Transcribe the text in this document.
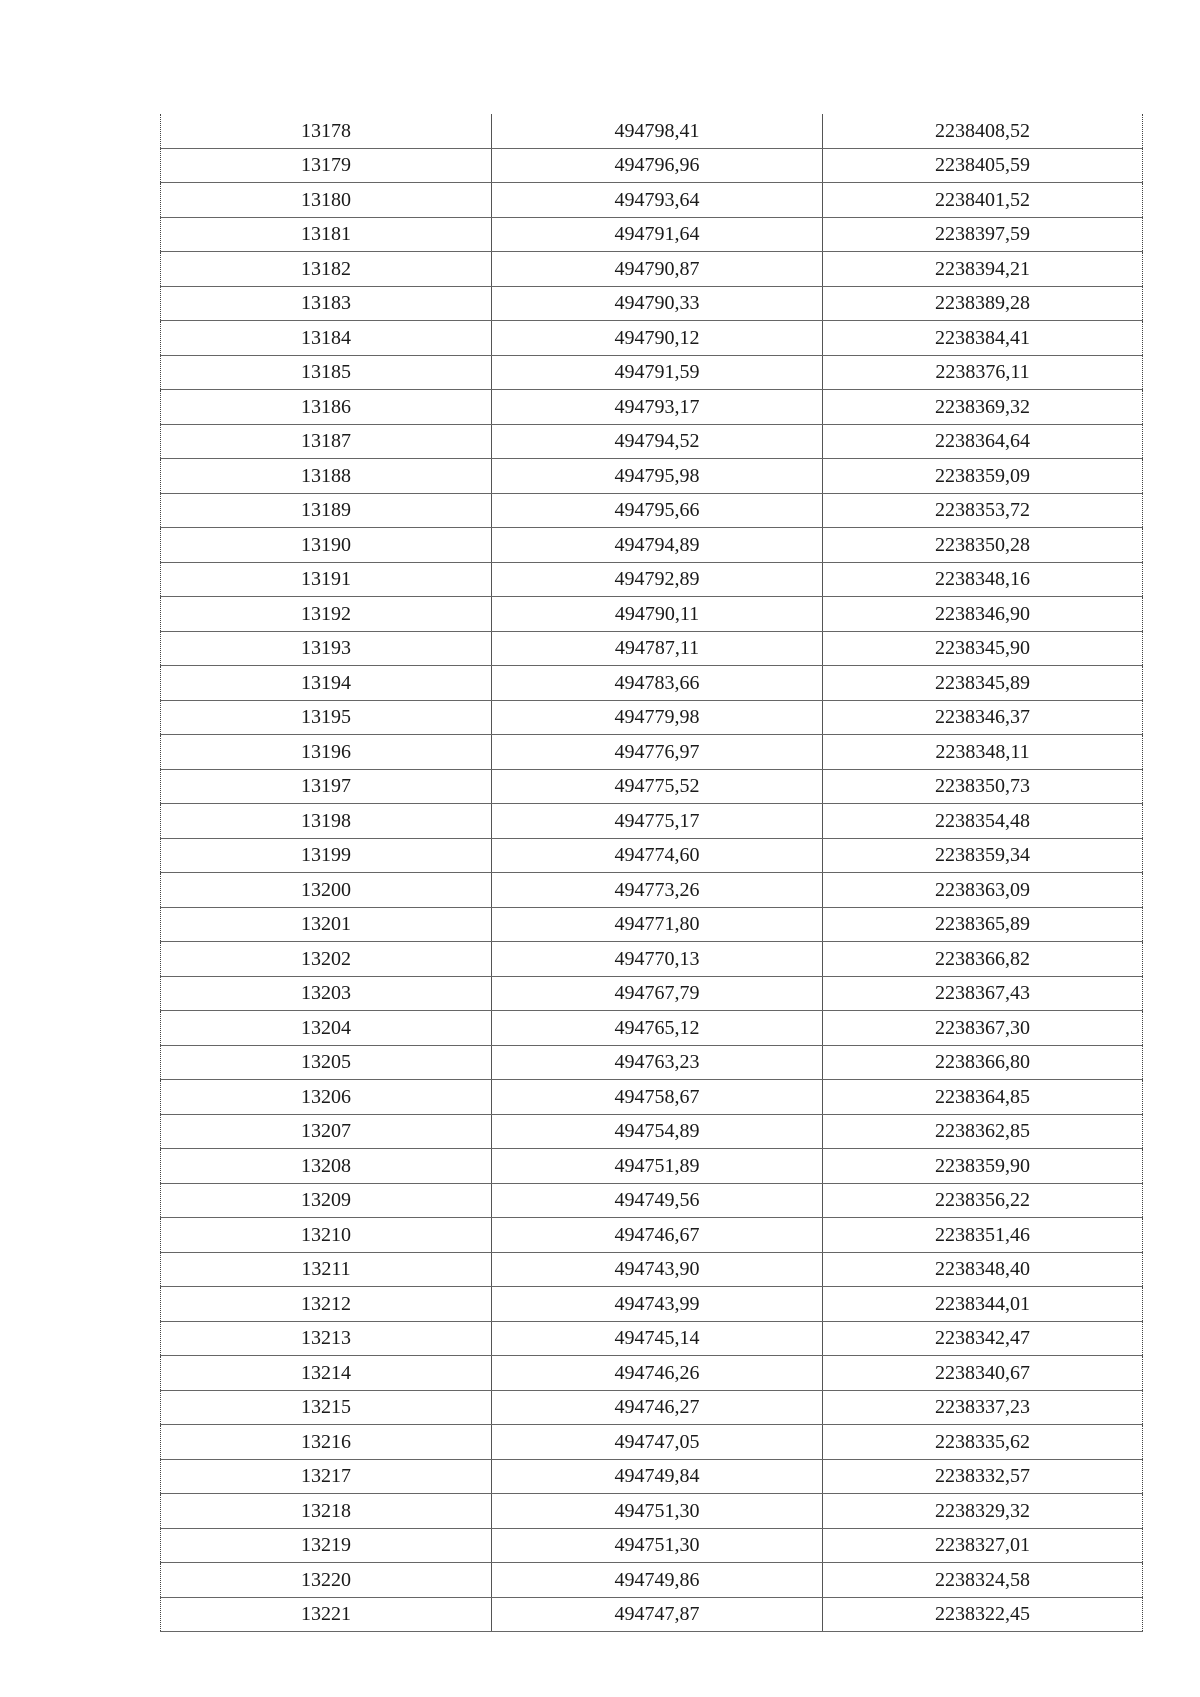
13178	494798,41	2238408,52
13179	494796,96	2238405,59
13180	494793,64	2238401,52
13181	494791,64	2238397,59
13182	494790,87	2238394,21
13183	494790,33	2238389,28
13184	494790,12	2238384,41
13185	494791,59	2238376,11
13186	494793,17	2238369,32
13187	494794,52	2238364,64
13188	494795,98	2238359,09
13189	494795,66	2238353,72
13190	494794,89	2238350,28
13191	494792,89	2238348,16
13192	494790,11	2238346,90
13193	494787,11	2238345,90
13194	494783,66	2238345,89
13195	494779,98	2238346,37
13196	494776,97	2238348,11
13197	494775,52	2238350,73
13198	494775,17	2238354,48
13199	494774,60	2238359,34
13200	494773,26	2238363,09
13201	494771,80	2238365,89
13202	494770,13	2238366,82
13203	494767,79	2238367,43
13204	494765,12	2238367,30
13205	494763,23	2238366,80
13206	494758,67	2238364,85
13207	494754,89	2238362,85
13208	494751,89	2238359,90
13209	494749,56	2238356,22
13210	494746,67	2238351,46
13211	494743,90	2238348,40
13212	494743,99	2238344,01
13213	494745,14	2238342,47
13214	494746,26	2238340,67
13215	494746,27	2238337,23
13216	494747,05	2238335,62
13217	494749,84	2238332,57
13218	494751,30	2238329,32
13219	494751,30	2238327,01
13220	494749,86	2238324,58
13221	494747,87	2238322,45
